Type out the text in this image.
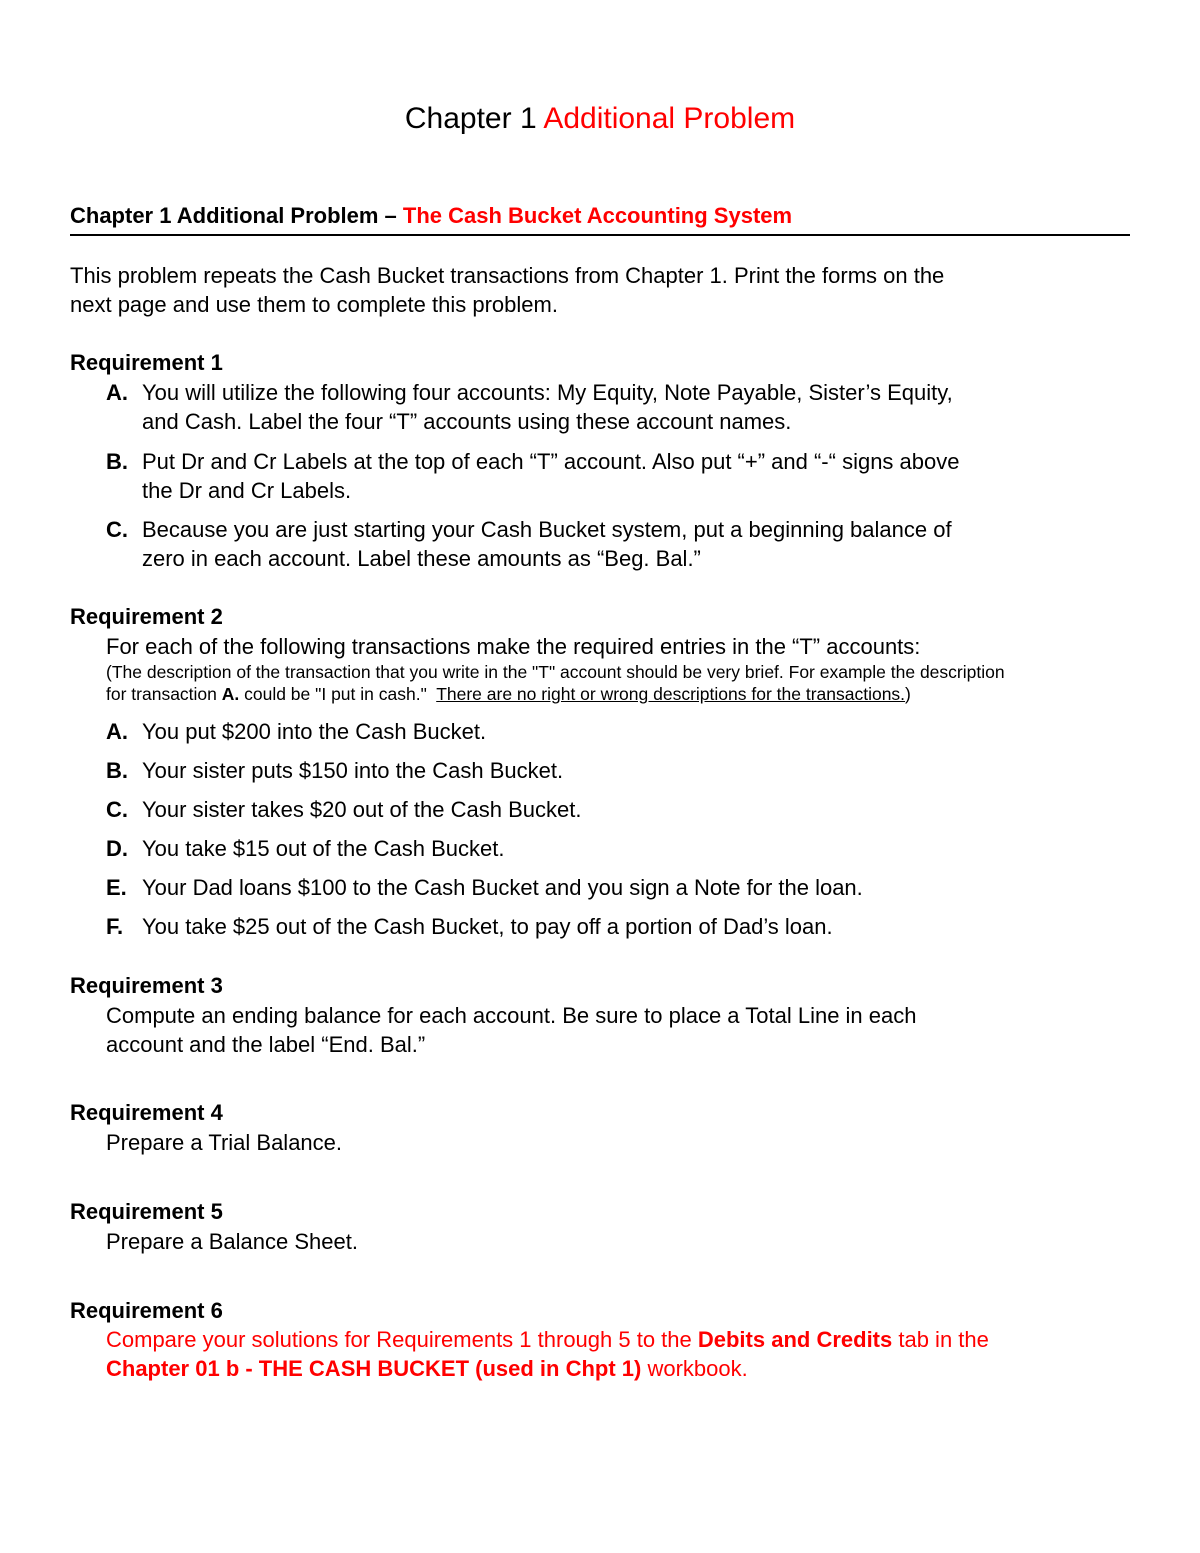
Chapter 1 Additional Problem
Chapter 1 Additional Problem – The Cash Bucket Accounting System
This problem repeats the Cash Bucket transactions from Chapter 1. Print the forms on the
next page and use them to complete this problem.
Requirement 1
A. You will utilize the following four accounts: My Equity, Note Payable, Sister’s Equity,
and Cash. Label the four “T” accounts using these account names.
B. Put Dr and Cr Labels at the top of each “T” account. Also put “+” and “-“ signs above
the Dr and Cr Labels.
C. Because you are just starting your Cash Bucket system, put a beginning balance of
zero in each account. Label these amounts as “Beg. Bal.”
Requirement 2
For each of the following transactions make the required entries in the “T” accounts:
(The description of the transaction that you write in the "T" account should be very brief. For example the description
for transaction A. could be "I put in cash."  There are no right or wrong descriptions for the transactions.)
A. You put $200 into the Cash Bucket.
B. Your sister puts $150 into the Cash Bucket.
C. Your sister takes $20 out of the Cash Bucket.
D. You take $15 out of the Cash Bucket.
E. Your Dad loans $100 to the Cash Bucket and you sign a Note for the loan.
F. You take $25 out of the Cash Bucket, to pay off a portion of Dad’s loan.
Requirement 3
Compute an ending balance for each account. Be sure to place a Total Line in each
account and the label “End. Bal.”
Requirement 4
Prepare a Trial Balance.
Requirement 5
Prepare a Balance Sheet.
Requirement 6
Compare your solutions for Requirements 1 through 5 to the Debits and Credits tab in the
Chapter 01 b - THE CASH BUCKET (used in Chpt 1) workbook.
